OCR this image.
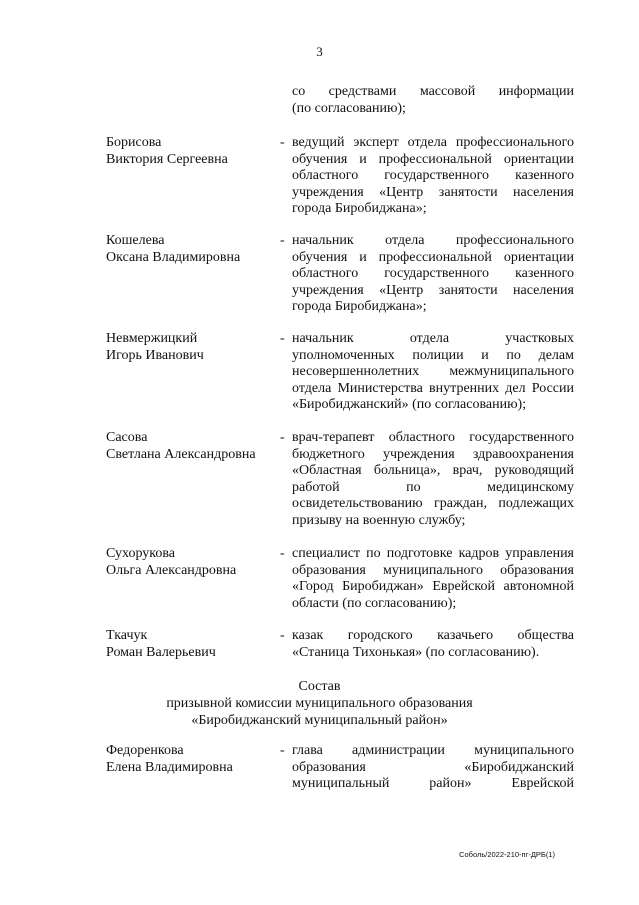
3
со средствами массовой информации
(по согласованию);
Борисова
Виктория Сергеевна
- ведущий эксперт отдела профессионального
обучения и профессиональной ориентации
областного государственного казенного
учреждения «Центр занятости населения
города Биробиджана»;
Кошелева
Оксана Владимировна
- начальник отдела профессионального
обучения и профессиональной ориентации
областного государственного казенного
учреждения «Центр занятости населения
города Биробиджана»;
Невмержицкий
Игорь Иванович
- начальник отдела участковых
уполномоченных полиции и по делам
несовершеннолетних межмуниципального
отдела Министерства внутренних дел России
«Биробиджанский» (по согласованию);
Сасова
Светлана Александровна
- врач-терапевт областного государственного
бюджетного учреждения здравоохранения
«Областная больница», врач, руководящий
работой по медицинскому
освидетельствованию граждан, подлежащих
призыву на военную службу;
Сухорукова
Ольга Александровна
- специалист по подготовке кадров управления
образования муниципального образования
«Город Биробиджан» Еврейской автономной
области (по согласованию);
Ткачук
Роман Валерьевич
- казак городского казачьего общества
«Станица Тихонькая» (по согласованию).
Состав
призывной комиссии муниципального образования
«Биробиджанский муниципальный район»
Федоренкова
Елена Владимировна
- глава администрации муниципального
образования «Биробиджанский
муниципальный район» Еврейской
Соболь/2022-210-пг-ДРБ(1)
